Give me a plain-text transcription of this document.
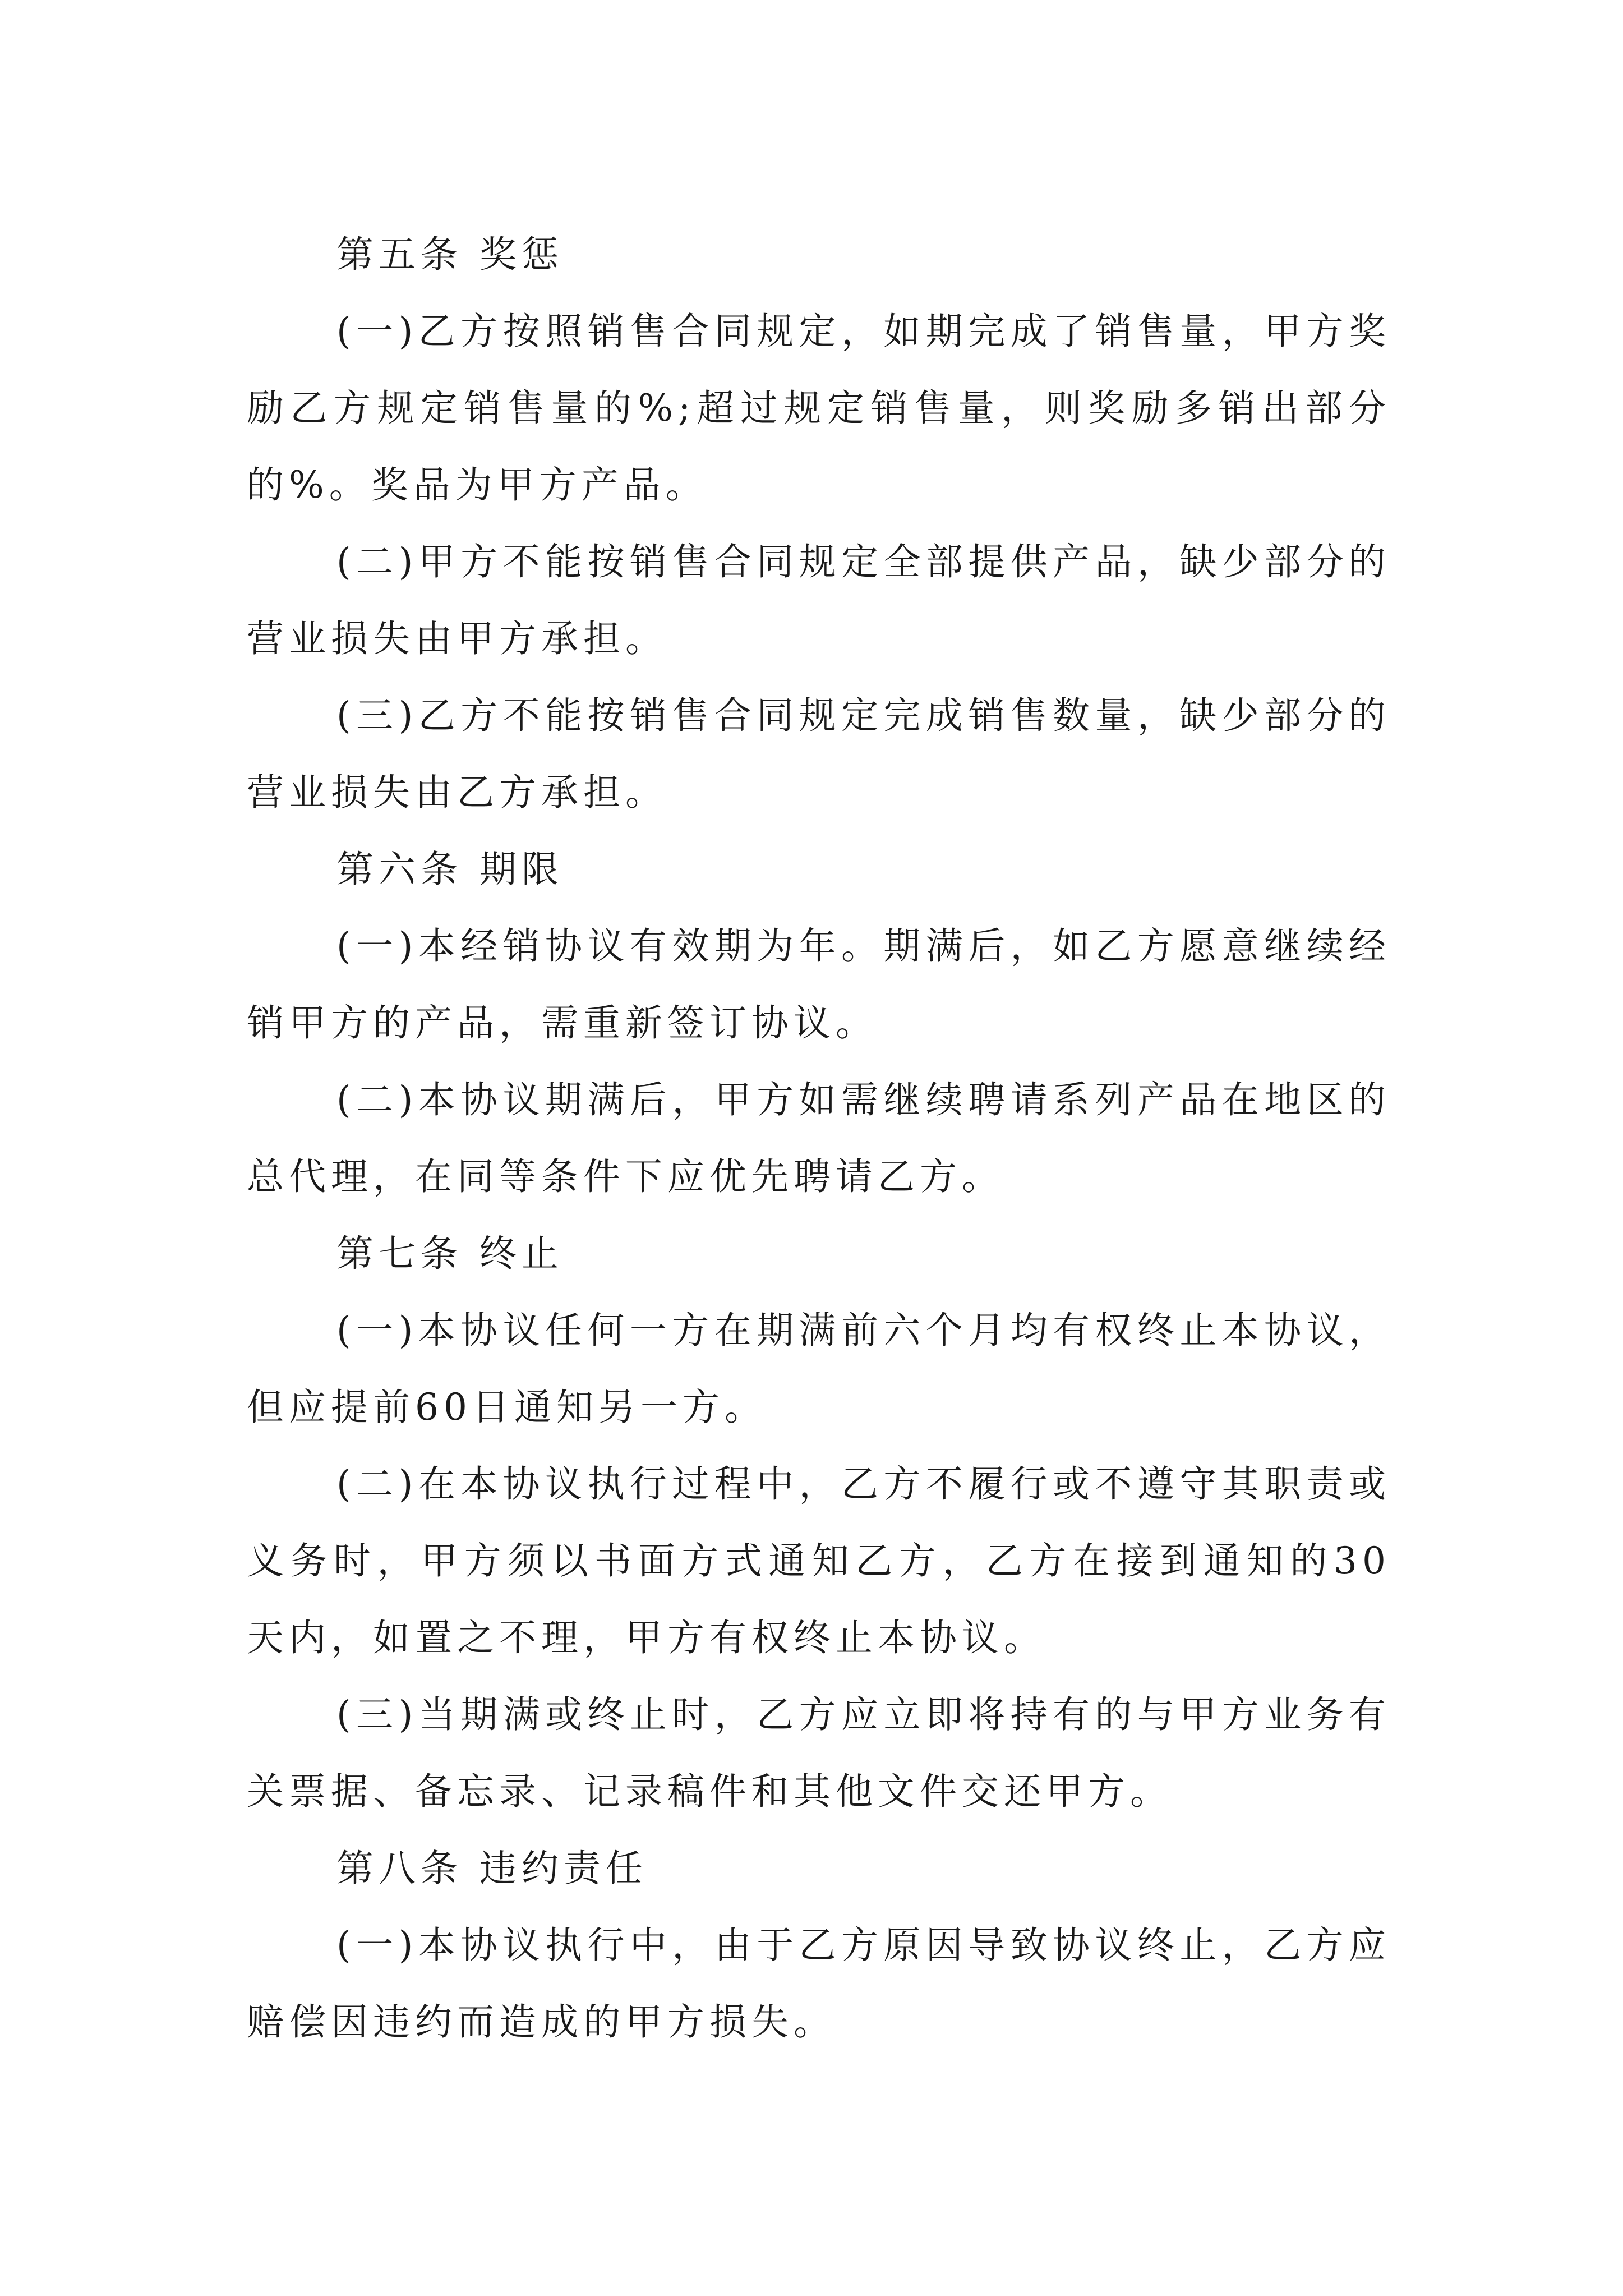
第五条 奖惩

(一)乙方按照销售合同规定，如期完成了销售量，甲方奖励乙方规定销售量的%;超过规定销售量，则奖励多销出部分的%。奖品为甲方产品。

(二)甲方不能按销售合同规定全部提供产品，缺少部分的营业损失由甲方承担。

(三)乙方不能按销售合同规定完成销售数量，缺少部分的营业损失由乙方承担。

第六条 期限

(一)本经销协议有效期为年。期满后，如乙方愿意继续经销甲方的产品，需重新签订协议。

(二)本协议期满后，甲方如需继续聘请系列产品在地区的总代理，在同等条件下应优先聘请乙方。

第七条 终止

(一)本协议任何一方在期满前六个月均有权终止本协议，但应提前60日通知另一方。

(二)在本协议执行过程中，乙方不履行或不遵守其职责或义务时，甲方须以书面方式通知乙方，乙方在接到通知的30天内，如置之不理，甲方有权终止本协议。

(三)当期满或终止时，乙方应立即将持有的与甲方业务有关票据、备忘录、记录稿件和其他文件交还甲方。

第八条 违约责任

(一)本协议执行中，由于乙方原因导致协议终止，乙方应赔偿因违约而造成的甲方损失。
